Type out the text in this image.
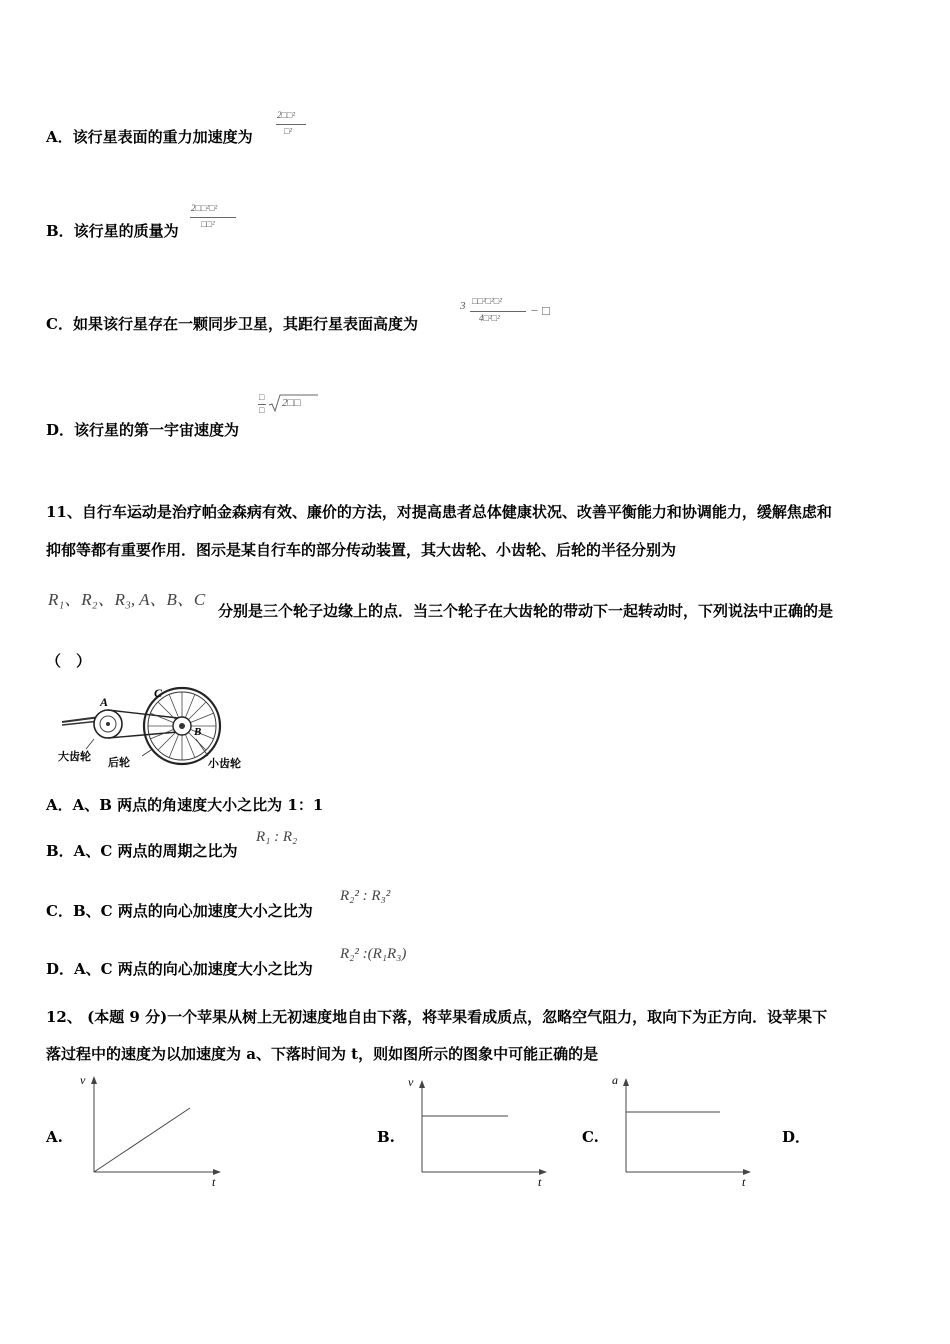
A．该行星表面的重力加速度为
2□□²
□²
B．该行星的质量为
2□□²□²
□□²
C．如果该行星存在一颗同步卫星，其距行星表面高度为
3 □□²□²□²
4□²□² − □
D．该行星的第一宇宙速度为
□
□
2□□
11、自行车运动是治疗帕金森病有效、廉价的方法，对提高患者总体健康状况、改善平衡能力和协调能力，缓解焦虑和
抑郁等都有重要作用．图示是某自行车的部分传动装置，其大齿轮、小齿轮、后轮的半径分别为
R₁、R₂、R₃, A、B、C
分别是三个轮子边缘上的点．当三个轮子在大齿轮的带动下一起转动时，下列说法中正确的是
（　）
A
C
B
大齿轮 后轮	小齿轮
A．A、B 两点的角速度大小之比为 1：1
B．A、C 两点的周期之比为
R₁ : R₂
C．B、C 两点的向心加速度大小之比为
R₂² : R₃²
D．A、C 两点的向心加速度大小之比为
R₂² :(R₁R₃)
12、 (本题 9 分)一个苹果从树上无初速度地自由下落，将苹果看成质点，忽略空气阻力，取向下为正方向．设苹果下
落过程中的速度为以加速度为 a、下落时间为 t，则如图所示的图象中可能正确的是
A.
v
t
B.
v
t
C.
a
t
D．
